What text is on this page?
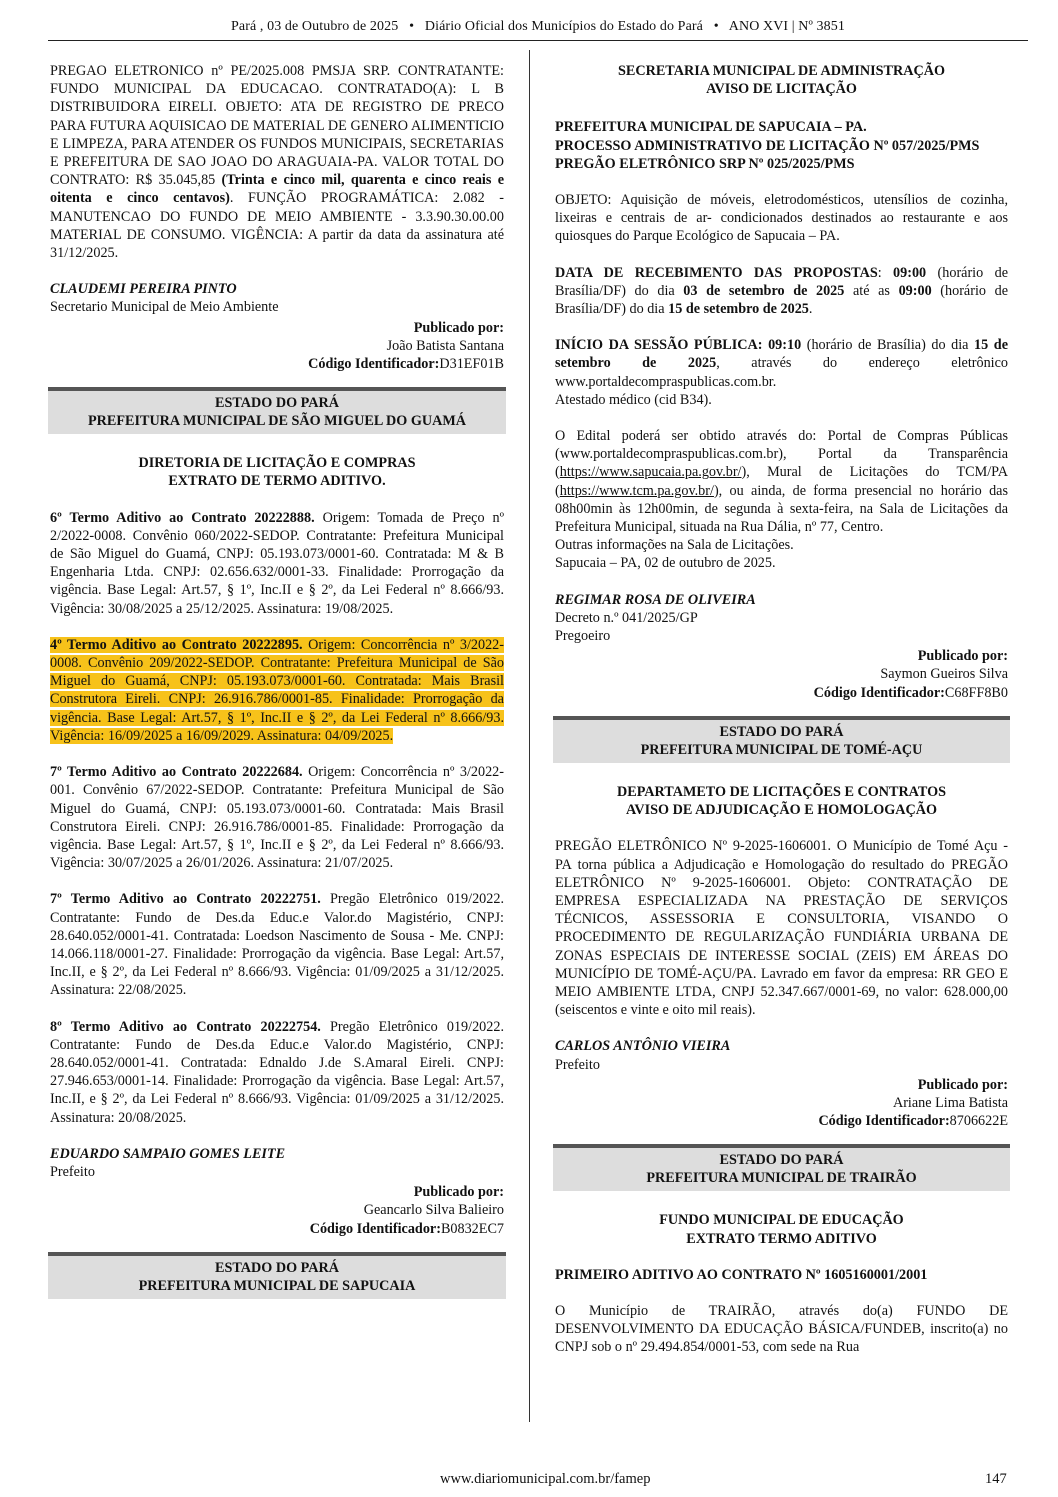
Pará , 03 de Outubro de 2025   •   Diário Oficial dos Municípios do Estado do Pará   •   ANO XVI | Nº 3851

PREGAO ELETRONICO nº PE/2025.008 PMSJA SRP. CONTRATANTE: FUNDO MUNICIPAL DA EDUCACAO. CONTRATADO(A): L B DISTRIBUIDORA EIRELI. OBJETO: ATA DE REGISTRO DE PRECO PARA FUTURA AQUISICAO DE MATERIAL DE GENERO ALIMENTICIO E LIMPEZA, PARA ATENDER OS FUNDOS MUNICIPAIS, SECRETARIAS E PREFEITURA DE SAO JOAO DO ARAGUAIA-PA. VALOR TOTAL DO CONTRATO: R$ 35.045,85 (Trinta e cinco mil, quarenta e cinco reais e oitenta e cinco centavos). FUNÇÃO PROGRAMÁTICA: 2.082 - MANUTENCAO DO FUNDO DE MEIO AMBIENTE - 3.3.90.30.00.00 MATERIAL DE CONSUMO. VIGÊNCIA: A partir da data da assinatura até 31/12/2025.

CLAUDEMI PEREIRA PINTO

Secretario Municipal de Meio Ambiente

Publicado por:

João Batista Santana

Código Identificador:D31EF01B

ESTADO DO PARÁ
PREFEITURA MUNICIPAL DE SÃO MIGUEL DO GUAMÁ

DIRETORIA DE LICITAÇÃO E COMPRAS

EXTRATO DE TERMO ADITIVO.

6º Termo Aditivo ao Contrato 20222888. Origem: Tomada de Preço nº 2/2022-0008. Convênio 060/2022-SEDOP. Contratante: Prefeitura Municipal de São Miguel do Guamá, CNPJ: 05.193.073/0001-60. Contratada: M & B Engenharia Ltda. CNPJ: 02.656.632/0001-33. Finalidade: Prorrogação da vigência. Base Legal: Art.57, § 1º, Inc.II e § 2º, da Lei Federal nº 8.666/93. Vigência: 30/08/2025 a 25/12/2025. Assinatura: 19/08/2025.

4º Termo Aditivo ao Contrato 20222895. Origem: Concorrência nº 3/2022-0008. Convênio 209/2022-SEDOP. Contratante: Prefeitura Municipal de São Miguel do Guamá, CNPJ: 05.193.073/0001-60. Contratada: Mais Brasil Construtora Eireli. CNPJ: 26.916.786/0001-85. Finalidade: Prorrogação da vigência. Base Legal: Art.57, § 1º, Inc.II e § 2º, da Lei Federal nº 8.666/93. Vigência: 16/09/2025 a 16/09/2029. Assinatura: 04/09/2025.

7º Termo Aditivo ao Contrato 20222684. Origem: Concorrência nº 3/2022-001. Convênio 67/2022-SEDOP. Contratante: Prefeitura Municipal de São Miguel do Guamá, CNPJ: 05.193.073/0001-60. Contratada: Mais Brasil Construtora Eireli. CNPJ: 26.916.786/0001-85. Finalidade: Prorrogação da vigência. Base Legal: Art.57, § 1º, Inc.II e § 2º, da Lei Federal nº 8.666/93. Vigência: 30/07/2025 a 26/01/2026. Assinatura: 21/07/2025.

7º Termo Aditivo ao Contrato 20222751. Pregão Eletrônico 019/2022. Contratante: Fundo de Des.da Educ.e Valor.do Magistério, CNPJ: 28.640.052/0001-41. Contratada: Loedson Nascimento de Sousa - Me. CNPJ: 14.066.118/0001-27. Finalidade: Prorrogação da vigência. Base Legal: Art.57, Inc.II, e § 2º, da Lei Federal nº 8.666/93. Vigência: 01/09/2025 a 31/12/2025. Assinatura: 22/08/2025.

8º Termo Aditivo ao Contrato 20222754. Pregão Eletrônico 019/2022. Contratante: Fundo de Des.da Educ.e Valor.do Magistério, CNPJ: 28.640.052/0001-41. Contratada: Ednaldo J.de S.Amaral Eireli. CNPJ: 27.946.653/0001-14. Finalidade: Prorrogação da vigência. Base Legal: Art.57, Inc.II, e § 2º, da Lei Federal nº 8.666/93. Vigência: 01/09/2025 a 31/12/2025. Assinatura: 20/08/2025.

EDUARDO SAMPAIO GOMES LEITE

Prefeito

Publicado por:

Geancarlo Silva Balieiro

Código Identificador:B0832EC7

ESTADO DO PARÁ
PREFEITURA MUNICIPAL DE SAPUCAIA

SECRETARIA MUNICIPAL DE ADMINISTRAÇÃO

AVISO DE LICITAÇÃO

PREFEITURA MUNICIPAL DE SAPUCAIA – PA.

PROCESSO ADMINISTRATIVO DE LICITAÇÃO Nº 057/2025/PMS

PREGÃO ELETRÔNICO SRP Nº 025/2025/PMS

OBJETO: Aquisição de móveis, eletrodomésticos, utensílios de cozinha, lixeiras e centrais de ar- condicionados destinados ao restaurante e aos quiosques do Parque Ecológico de Sapucaia – PA.

DATA DE RECEBIMENTO DAS PROPOSTAS: 09:00 (horário de Brasília/DF) do dia 03 de setembro de 2025 até as 09:00 (horário de Brasília/DF) do dia 15 de setembro de 2025.

INÍCIO DA SESSÃO PÚBLICA: 09:10 (horário de Brasília) do dia 15 de setembro de 2025, através do endereço eletrônico www.portaldecompraspublicas.com.br.

Atestado médico (cid B34).

O Edital poderá ser obtido através do: Portal de Compras Públicas (www.portaldecompraspublicas.com.br), Portal da Transparência (https://www.sapucaia.pa.gov.br/), Mural de Licitações do TCM/PA (https://www.tcm.pa.gov.br/), ou ainda, de forma presencial no horário das 08h00min às 12h00min, de segunda à sexta-feira, na Sala de Licitações da Prefeitura Municipal, situada na Rua Dália, nº 77, Centro.

Outras informações na Sala de Licitações.

Sapucaia – PA, 02 de outubro de 2025.

REGIMAR ROSA DE OLIVEIRA

Decreto n.º 041/2025/GP

Pregoeiro

Publicado por:

Saymon Gueiros Silva

Código Identificador:C68FF8B0

ESTADO DO PARÁ
PREFEITURA MUNICIPAL DE TOMÉ-AÇU

DEPARTAMETO DE LICITAÇÕES E CONTRATOS

AVISO DE ADJUDICAÇÃO E HOMOLOGAÇÃO

PREGÃO ELETRÔNICO Nº 9-2025-1606001. O Município de Tomé Açu - PA torna pública a Adjudicação e Homologação do resultado do PREGÃO ELETRÔNICO Nº 9-2025-1606001. Objeto: CONTRATAÇÃO DE EMPRESA ESPECIALIZADA NA PRESTAÇÃO DE SERVIÇOS TÉCNICOS, ASSESSORIA E CONSULTORIA, VISANDO O PROCEDIMENTO DE REGULARIZAÇÃO FUNDIÁRIA URBANA DE ZONAS ESPECIAIS DE INTERESSE SOCIAL (ZEIS) EM ÁREAS DO MUNICÍPIO DE TOMÉ-AÇU/PA. Lavrado em favor da empresa: RR GEO E MEIO AMBIENTE LTDA, CNPJ 52.347.667/0001-69, no valor: 628.000,00 (seiscentos e vinte e oito mil reais).

CARLOS ANTÔNIO VIEIRA

Prefeito

Publicado por:

Ariane Lima Batista

Código Identificador:8706622E

ESTADO DO PARÁ
PREFEITURA MUNICIPAL DE TRAIRÃO

FUNDO MUNICIPAL DE EDUCAÇÃO

EXTRATO TERMO ADITIVO

PRIMEIRO ADITIVO AO CONTRATO Nº 1605160001/2001

O Município de TRAIRÃO, através do(a) FUNDO DE DESENVOLVIMENTO DA EDUCAÇÃO BÁSICA/FUNDEB, inscrito(a) no CNPJ sob o nº 29.494.854/0001-53, com sede na Rua

www.diariomunicipal.com.br/famep	147
